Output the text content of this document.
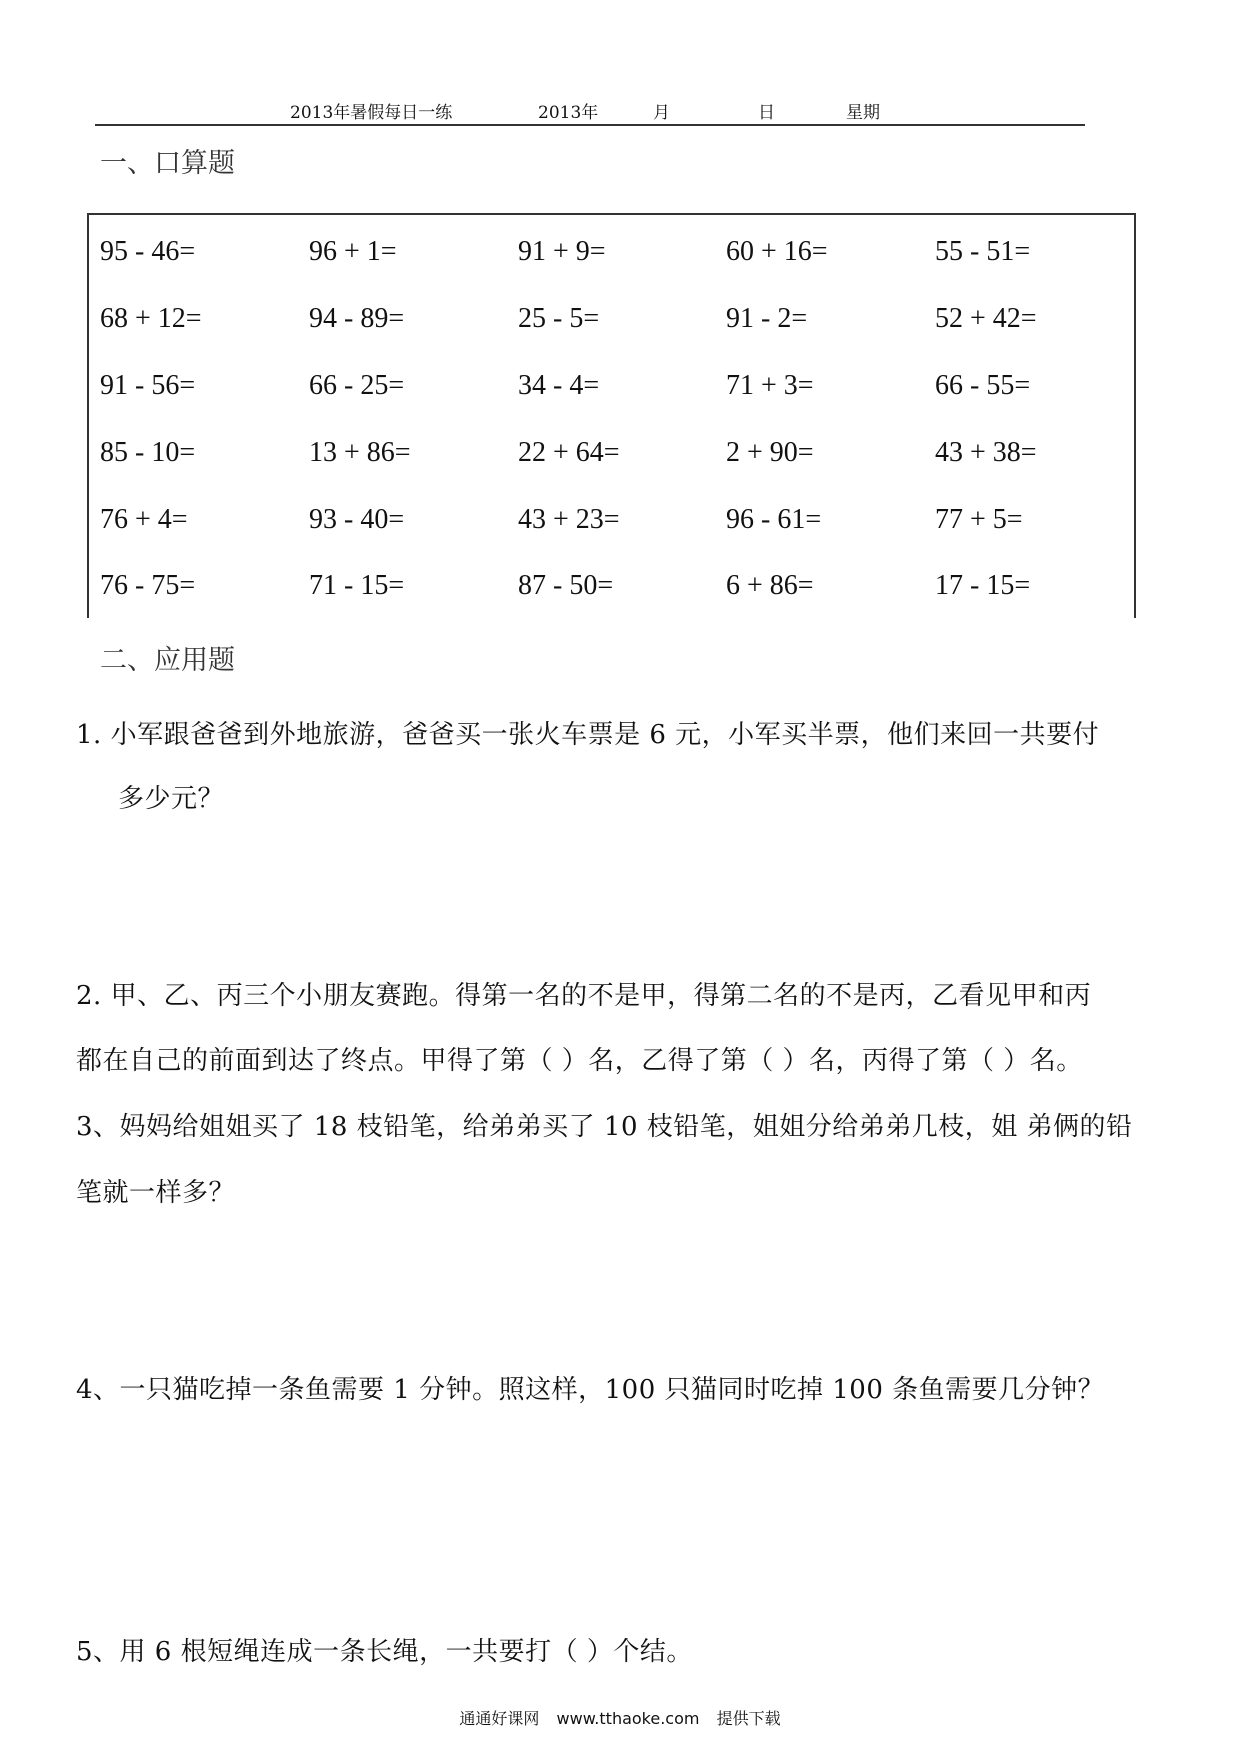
2013年暑假每日一练	2013年	月	日	星期
一、口算题
95 - 46=	96 + 1=	91 + 9=	60 + 16=	55 - 51=
68 + 12=	94 - 89=	25 - 5=	91 - 2=	52 + 42=
91 - 56=	66 - 25=	34 - 4=	71 + 3=	66 - 55=
85 - 10=	13 + 86=	22 + 64=	2 + 90=	43 + 38=
76 + 4=	93 - 40=	43 + 23=	96 - 61=	77 + 5=
76 - 75=	71 - 15=	87 - 50=	6 + 86=	17 - 15=
二、应用题
1. 小军跟爸爸到外地旅游，爸爸买一张火车票是 6 元，小军买半票，他们来回一共要付
多少元？
2. 甲、乙、丙三个小朋友赛跑。得第一名的不是甲，得第二名的不是丙，乙看见甲和丙
都在自己的前面到达了终点。甲得了第（ ）名，乙得了第（ ）名，丙得了第（ ）名。
3、妈妈给姐姐买了 18 枝铅笔，给弟弟买了 10 枝铅笔，姐姐分给弟弟几枝，姐 弟俩的铅
笔就一样多？
4、一只猫吃掉一条鱼需要 1 分钟。照这样，100 只猫同时吃掉 100 条鱼需要几分钟？
5、用 6 根短绳连成一条长绳，一共要打（ ）个结。
通通好课网 www.tthaoke.com 提供下载
